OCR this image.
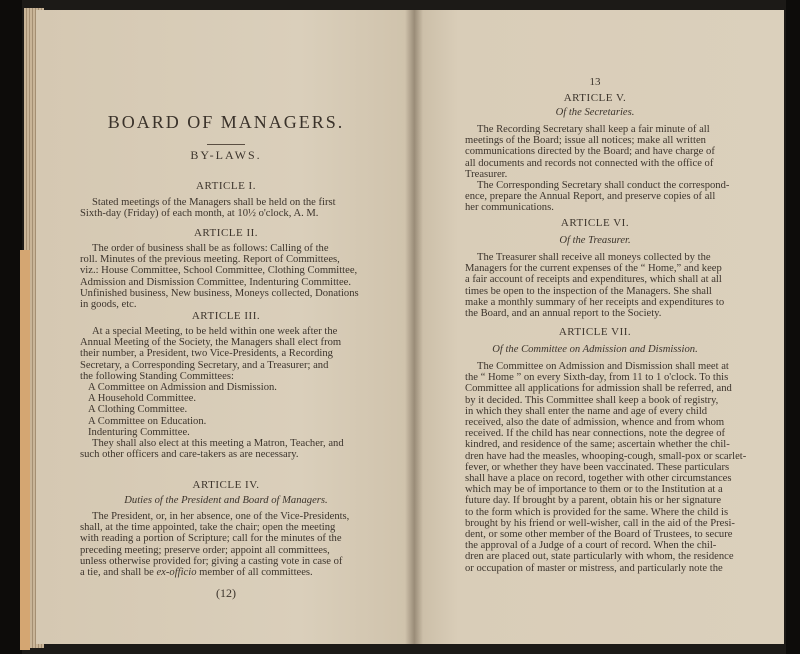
BOARD OF MANAGERS.
BY-LAWS.
ARTICLE I.
Stated meetings of the Managers shall be held on the first
Sixth-day (Friday) of each month, at 10½ o'clock, A. M.
ARTICLE II.
The order of business shall be as follows: Calling of the
roll. Minutes of the previous meeting. Report of Committees,
viz.: House Committee, School Committee, Clothing Committee,
Admission and Dismission Committee, Indenturing Committee.
Unfinished business, New business, Moneys collected, Donations
in goods, etc.
ARTICLE III.
At a special Meeting, to be held within one week after the
Annual Meeting of the Society, the Managers shall elect from
their number, a President, two Vice-Presidents, a Recording
Secretary, a Corresponding Secretary, and a Treasurer; and
the following Standing Committees:
A Committee on Admission and Dismission.
A Household Committee.
A Clothing Committee.
A Committee on Education.
Indenturing Committee.
They shall also elect at this meeting a Matron, Teacher, and
such other officers and care-takers as are necessary.
ARTICLE IV.
Duties of the President and Board of Managers.
The President, or, in her absence, one of the Vice-Presidents,
shall, at the time appointed, take the chair; open the meeting
with reading a portion of Scripture; call for the minutes of the
preceding meeting; preserve order; appoint all committees,
unless otherwise provided for; giving a casting vote in case of
a tie, and shall be ex-officio member of all committees.
(12)
13
ARTICLE V.
Of the Secretaries.
The Recording Secretary shall keep a fair minute of all
meetings of the Board; issue all notices; make all written
communications directed by the Board; and have charge of
all documents and records not connected with the office of
Treasurer.
The Corresponding Secretary shall conduct the correspond-
ence, prepare the Annual Report, and preserve copies of all
her communications.
ARTICLE VI.
Of the Treasurer.
The Treasurer shall receive all moneys collected by the
Managers for the current expenses of the “ Home,” and keep
a fair account of receipts and expenditures, which shall at all
times be open to the inspection of the Managers. She shall
make a monthly summary of her receipts and expenditures to
the Board, and an annual report to the Society.
ARTICLE VII.
Of the Committee on Admission and Dismission.
The Committee on Admission and Dismission shall meet at
the “ Home ” on every Sixth-day, from 11 to 1 o'clock. To this
Committee all applications for admission shall be referred, and
by it decided. This Committee shall keep a book of registry,
in which they shall enter the name and age of every child
received, also the date of admission, whence and from whom
received. If the child has near connections, note the degree of
kindred, and residence of the same; ascertain whether the chil-
dren have had the measles, whooping-cough, small-pox or scarlet-
fever, or whether they have been vaccinated. These particulars
shall have a place on record, together with other circumstances
which may be of importance to them or to the Institution at a
future day. If brought by a parent, obtain his or her signature
to the form which is provided for the same. Where the child is
brought by his friend or well-wisher, call in the aid of the Presi-
dent, or some other member of the Board of Trustees, to secure
the approval of a Judge of a court of record. When the chil-
dren are placed out, state particularly with whom, the residence
or occupation of master or mistress, and particularly note the
